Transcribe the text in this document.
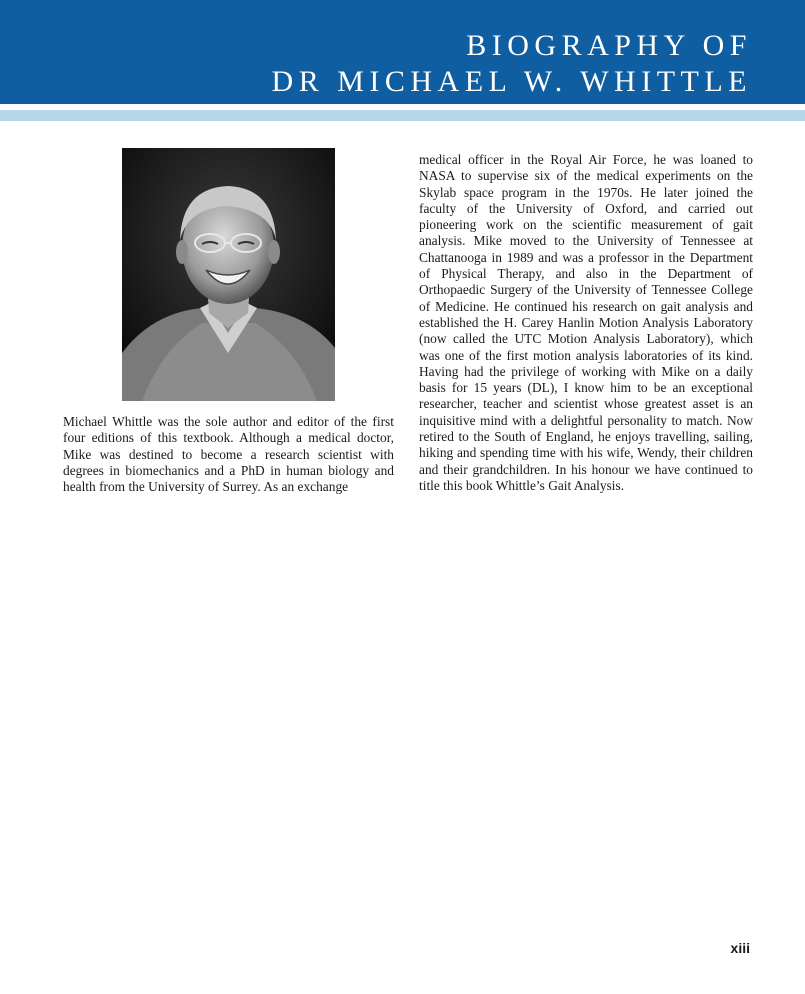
BIOGRAPHY OF
DR MICHAEL W. WHITTLE

Michael Whittle was the sole author and editor of the first four editions of this textbook. Although a medical doctor, Mike was destined to become a research scientist with degrees in biomechanics and a PhD in human biology and health from the University of Surrey. As an exchange

medical officer in the Royal Air Force, he was loaned to NASA to supervise six of the medical experiments on the Skylab space program in the 1970s. He later joined the faculty of the University of Oxford, and carried out pioneering work on the scientific measurement of gait analysis. Mike moved to the University of Tennessee at Chattanooga in 1989 and was a professor in the Department of Physical Therapy, and also in the Department of Orthopaedic Surgery of the University of Tennessee College of Medicine. He continued his research on gait analysis and established the H. Carey Hanlin Motion Analysis Laboratory (now called the UTC Motion Analysis Laboratory), which was one of the first motion analysis laboratories of its kind. Having had the privilege of working with Mike on a daily basis for 15 years (DL), I know him to be an exceptional researcher, teacher and scientist whose greatest asset is an inquisitive mind with a delightful personality to match. Now retired to the South of England, he enjoys travelling, sailing, hiking and spending time with his wife, Wendy, their children and their grandchildren. In his honour we have continued to title this book Whittle’s Gait Analysis.

xiii
